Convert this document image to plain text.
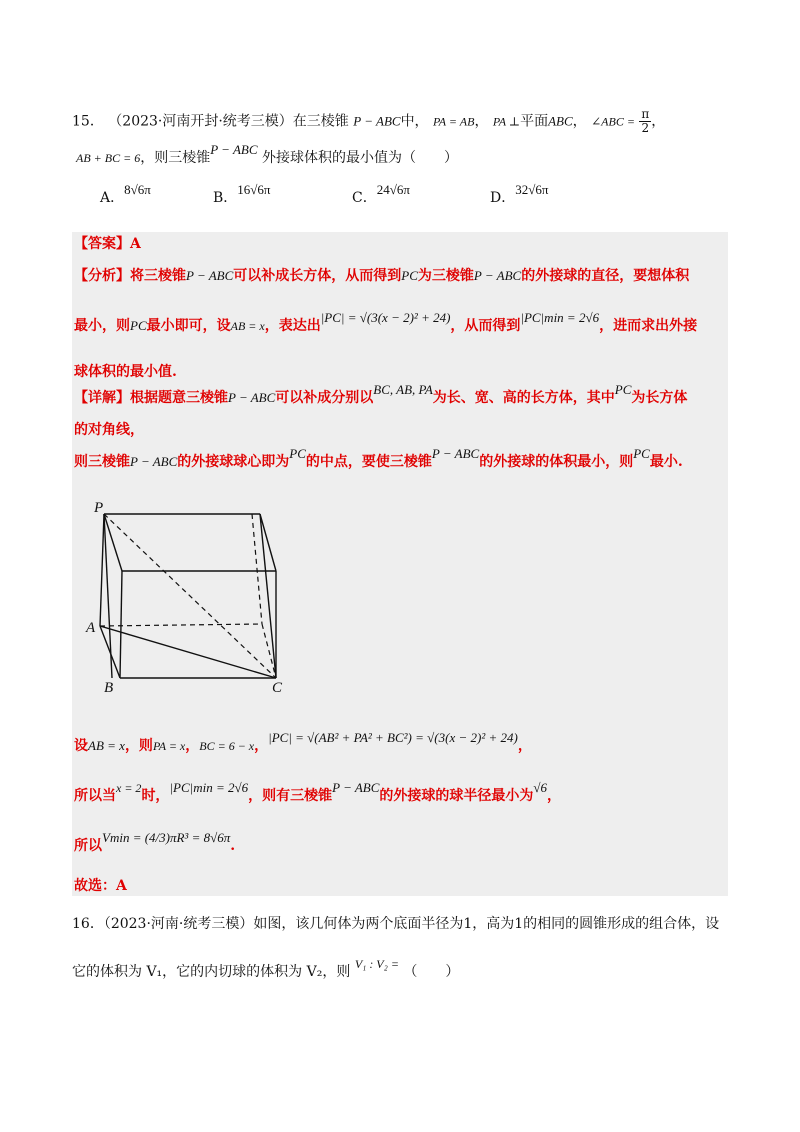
15． （2023·河南开封·统考三模）在三棱锥 P − ABC中， PA = AB， PA ⊥平面ABC， ∠ABC = $\frac{\pi}{2}$ ，
AB + BC = 6，则三棱锥P − ABC 外接球体积的最小值为（　　）
A．8√6π
B．16√6π
C．24√6π
D．32√6π
【答案】A
【分析】将三棱锥P − ABC可以补成长方体，从而得到PC为三棱锥P − ABC的外接球的直径，要想体积
最小，则PC最小即可，设AB = x，表达出|PC| = √(3(x − 2)² + 24)，从而得到|PC|min = 2√6，进而求出外接
球体积的最小值.
【详解】根据题意三棱锥P − ABC可以补成分别以BC, AB, PA为长、宽、高的长方体，其中PC为长方体
的对角线，
则三棱锥P − ABC的外接球球心即为PC的中点，要使三棱锥P − ABC的外接球的体积最小，则PC最小.
P
A
B	C
设AB = x，则PA = x，BC = 6 − x，|PC| = √(AB² + PA² + BC²) = √(3(x − 2)² + 24)，
所以当x = 2时，|PC|min = 2√6，则有三棱锥P − ABC的外接球的球半径最小为√6，
所以Vmin = (4/3)πR³ = 8√6π.
故选：A
16．（2023·河南·统考三模）如图，该几何体为两个底面半径为1，高为1的相同的圆锥形成的组合体，设
它的体积为 V₁，它的内切球的体积为 V₂，则 V₁ : V₂ = （　　）
